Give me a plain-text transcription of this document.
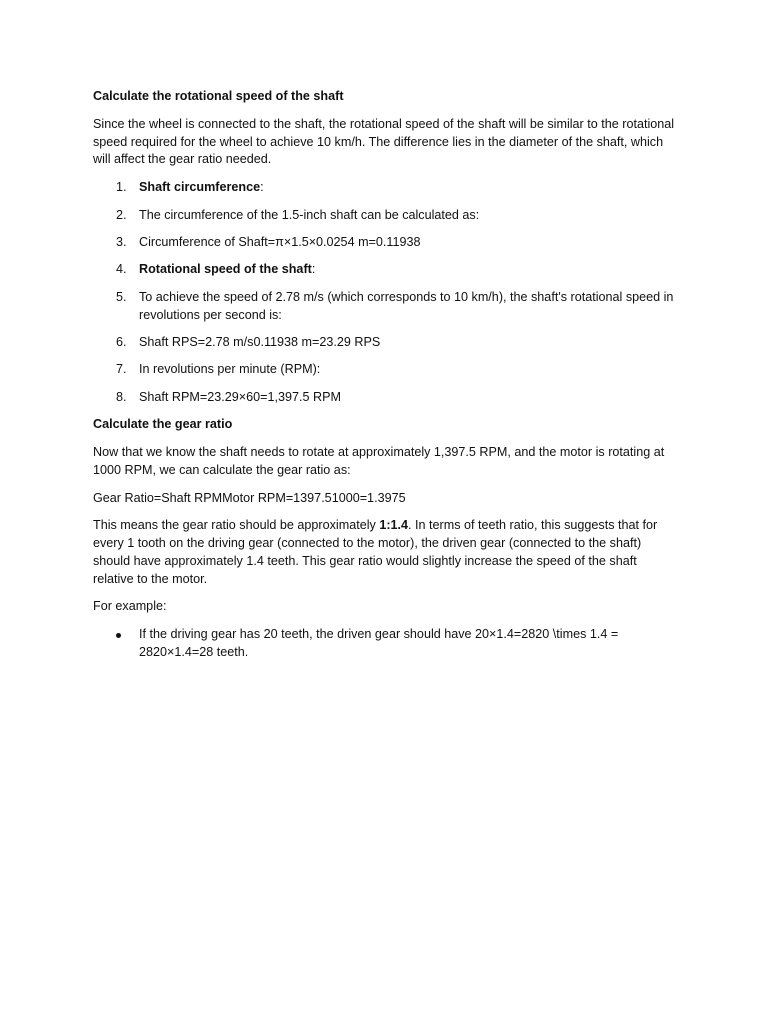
Calculate the rotational speed of the shaft

Since the wheel is connected to the shaft, the rotational speed of the shaft will be similar to the rotational speed required for the wheel to achieve 10 km/h. The difference lies in the diameter of the shaft, which will affect the gear ratio needed.

1. Shaft circumference:
2. The circumference of the 1.5-inch shaft can be calculated as:
3. Circumference of Shaft=π×1.5×0.0254 m=0.11938
4. Rotational speed of the shaft:
5. To achieve the speed of 2.78 m/s (which corresponds to 10 km/h), the shaft's rotational speed in revolutions per second is:
6. Shaft RPS=2.78 m/s0.11938 m=23.29 RPS
7. In revolutions per minute (RPM):
8. Shaft RPM=23.29×60=1,397.5 RPM

Calculate the gear ratio

Now that we know the shaft needs to rotate at approximately 1,397.5 RPM, and the motor is rotating at 1000 RPM, we can calculate the gear ratio as:

Gear Ratio=Shaft RPMMotor RPM=1397.51000=1.3975

This means the gear ratio should be approximately 1:1.4. In terms of teeth ratio, this suggests that for every 1 tooth on the driving gear (connected to the motor), the driven gear (connected to the shaft) should have approximately 1.4 teeth. This gear ratio would slightly increase the speed of the shaft relative to the motor.

For example:

If the driving gear has 20 teeth, the driven gear should have 20×1.4=2820 \times 1.4 = 2820×1.4=28 teeth.
